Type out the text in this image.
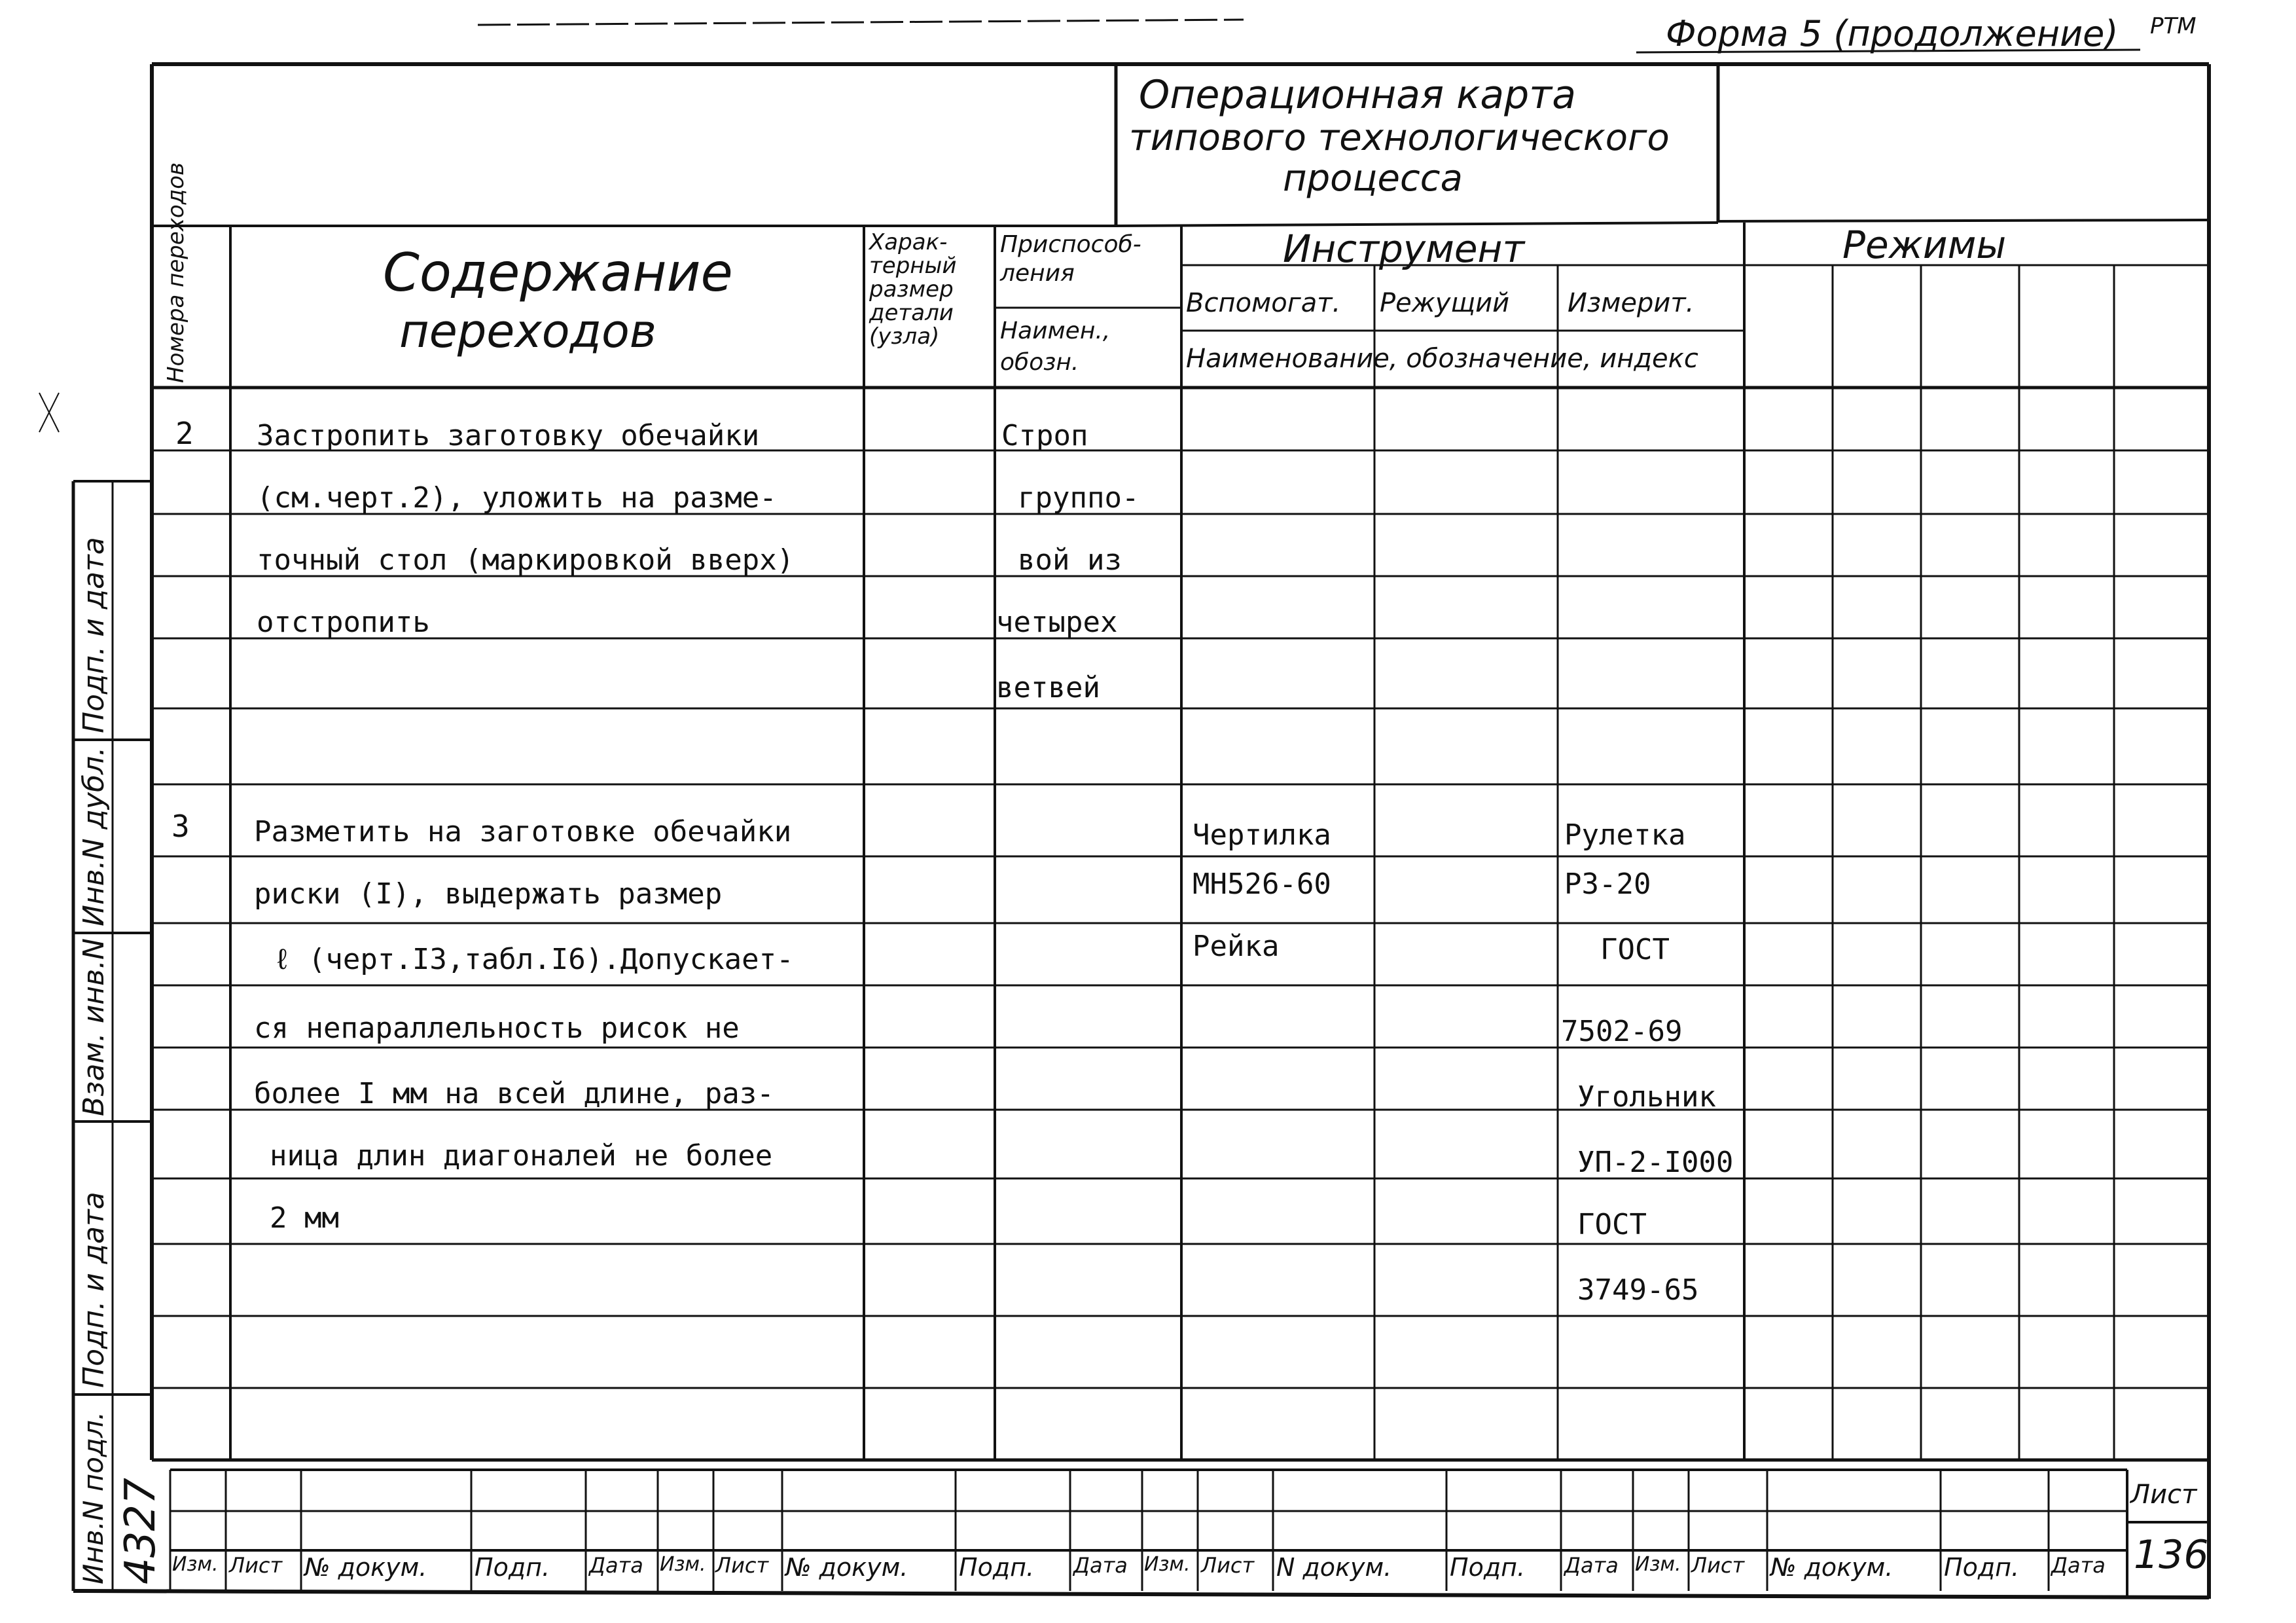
Форма 5 (продолжение) РТМ
Операционная карта
типового технологического
процесса
Номера переходов	Содержание
переходов
Харак-
терный
размер
детали
(узла)
Приспособ-ления
Наимен.,
обозн.
Инструмент
Вспомогат. Режущий Измерит.
Наименование, обозначение, индекс
Режимы
Подп. и дата
Инв.N дубл.
Взам. инв.N
Подп. и дата
Инв.N подл. 4327
2 Застропить заготовку обечайки
(см.черт.2), уложить на разме-
точный стол (маркировкой вверх)
отстропить
Строп
группо-
вой из
четырех
ветвей
3 Разметить на заготовке обечайки
риски (I), выдержать размер
ℓ (черт.I3,табл.I6).Допускает-
ся непараллельность рисок не
более I мм на всей длине, раз-
ница длин диагоналей не более
2 мм
Чертилка
МН526-60
Рейка
Рулетка
Р3-20
ГОСТ
7502-69
Угольник
УП-2-I000
ГОСТ
3749-65
Изм. Лист № докум. Подп. Дата Изм. Лист № докум. Подп. Дата Изм. Лист N докум. Подп. Дата Изм. Лист № докум. Подп. Дата
Лист
136
